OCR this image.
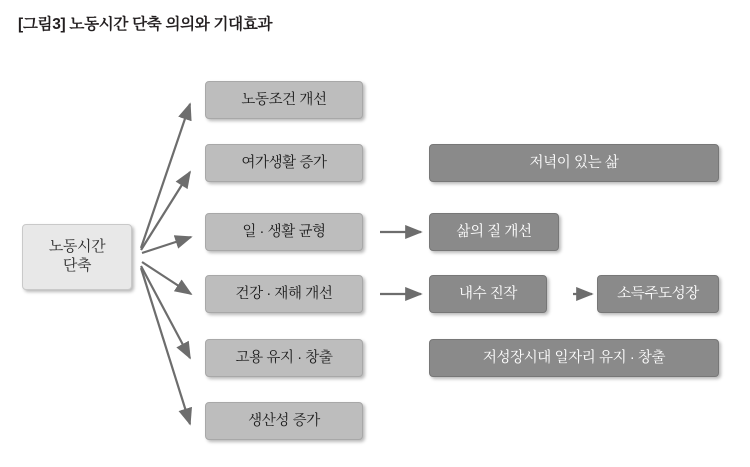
[그림3] 노동시간 단축 의의와 기대효과
노동시간
단축
노동조건 개선
여가생활 증가
일 · 생활 균형
건강 · 재해 개선
고용 유지 · 창출
생산성 증가
저녁이 있는 삶
삶의 질 개선
내수 진작	소득주도성장
저성장시대 일자리 유지 · 창출
